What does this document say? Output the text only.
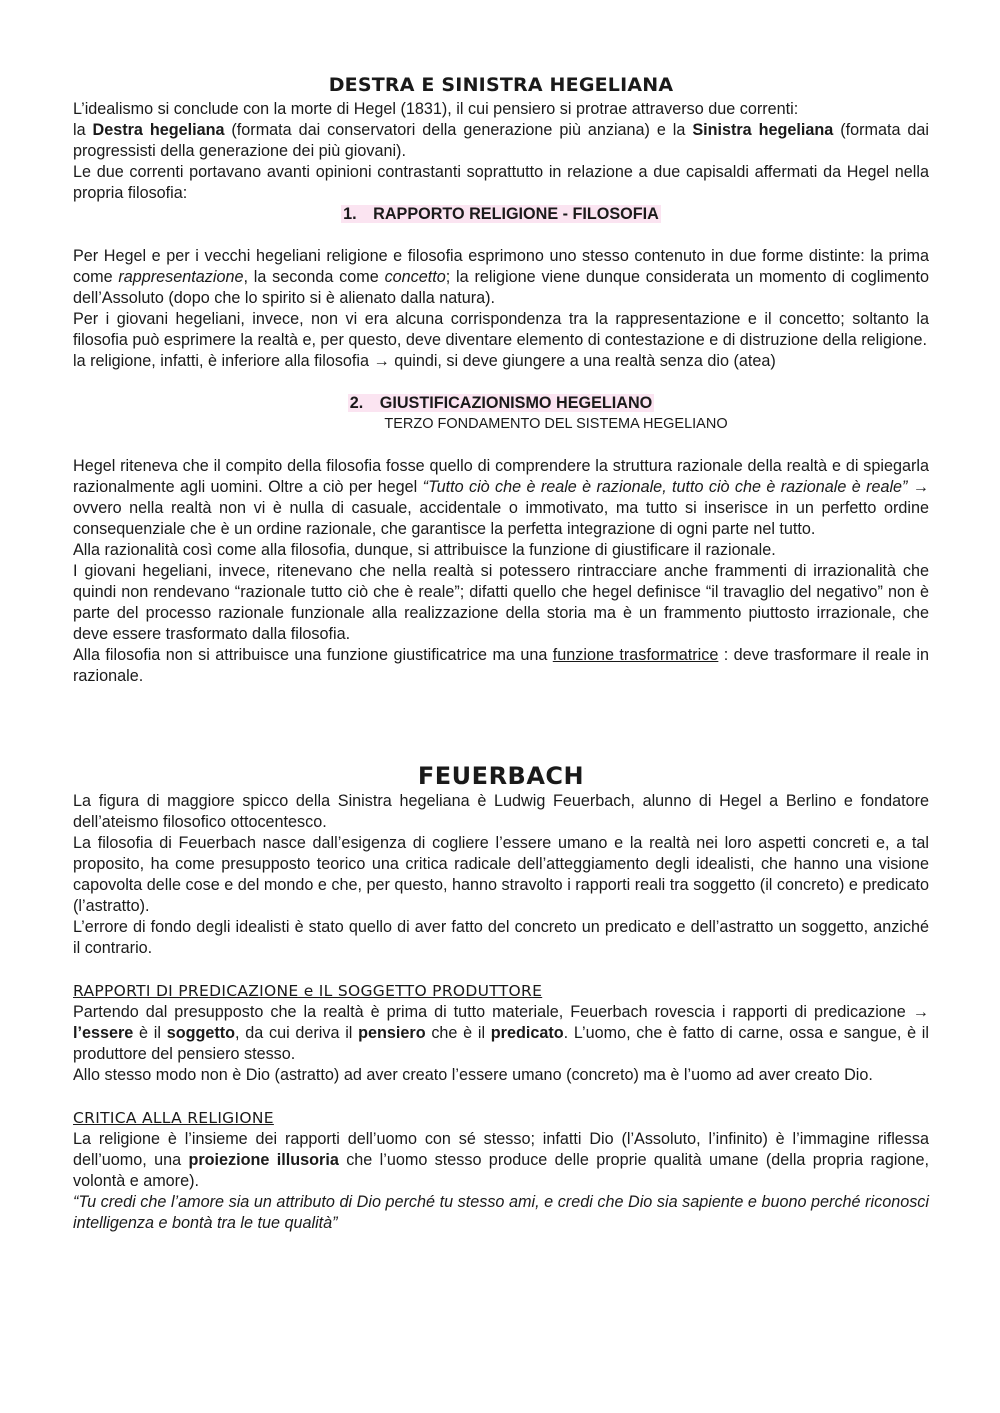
DESTRA E SINISTRA HEGELIANA

L’idealismo si conclude con la morte di Hegel (1831), il cui pensiero si protrae attraverso due correnti:

la Destra hegeliana (formata dai conservatori della generazione più anziana) e la Sinistra hegeliana (formata dai progressisti della generazione dei più giovani).

Le due correnti portavano avanti opinioni contrastanti soprattutto in relazione a due capisaldi affermati da Hegel nella propria filosofia:

1. RAPPORTO RELIGIONE - FILOSOFIA

Per Hegel e per i vecchi hegeliani religione e filosofia esprimono uno stesso contenuto in due forme distinte: la prima come rappresentazione, la seconda come concetto; la religione viene dunque considerata un momento di coglimento dell’Assoluto (dopo che lo spirito si è alienato dalla natura).

Per i giovani hegeliani, invece, non vi era alcuna corrispondenza tra la rappresentazione e il concetto; soltanto la filosofia può esprimere la realtà e, per questo, deve diventare elemento di contestazione e di distruzione della religione.

la religione, infatti, è inferiore alla filosofia → quindi, si deve giungere a una realtà senza dio (atea)

2. GIUSTIFICAZIONISMO HEGELIANO

TERZO FONDAMENTO DEL SISTEMA HEGELIANO

Hegel riteneva che il compito della filosofia fosse quello di comprendere la struttura razionale della realtà e di spiegarla razionalmente agli uomini. Oltre a ciò per hegel “Tutto ciò che è reale è razionale, tutto ciò che è razionale è reale” → ovvero nella realtà non vi è nulla di casuale, accidentale o immotivato, ma tutto si inserisce in un perfetto ordine consequenziale che è un ordine razionale, che garantisce la perfetta integrazione di ogni parte nel tutto.

Alla razionalità così come alla filosofia, dunque, si attribuisce la funzione di giustificare il razionale.

I giovani hegeliani, invece, ritenevano che nella realtà si potessero rintracciare anche frammenti di irrazionalità che quindi non rendevano “razionale tutto ciò che è reale”; difatti quello che hegel definisce “il travaglio del negativo” non è parte del processo razionale funzionale alla realizzazione della storia ma è un frammento piuttosto irrazionale, che deve essere trasformato dalla filosofia.

Alla filosofia non si attribuisce una funzione giustificatrice ma una funzione trasformatrice : deve trasformare il reale in razionale.

FEUERBACH

La figura di maggiore spicco della Sinistra hegeliana è Ludwig Feuerbach, alunno di Hegel a Berlino e fondatore dell’ateismo filosofico ottocentesco.

La filosofia di Feuerbach nasce dall’esigenza di cogliere l’essere umano e la realtà nei loro aspetti concreti e, a tal proposito, ha come presupposto teorico una critica radicale dell’atteggiamento degli idealisti, che hanno una visione capovolta delle cose e del mondo e che, per questo, hanno stravolto i rapporti reali tra soggetto (il concreto) e predicato (l’astratto).

L’errore di fondo degli idealisti è stato quello di aver fatto del concreto un predicato e dell’astratto un soggetto, anziché il contrario.

RAPPORTI DI PREDICAZIONE e IL SOGGETTO PRODUTTORE

Partendo dal presupposto che la realtà è prima di tutto materiale, Feuerbach rovescia i rapporti di predicazione → l’essere è il soggetto, da cui deriva il pensiero che è il predicato. L’uomo, che è fatto di carne, ossa e sangue, è il produttore del pensiero stesso.

Allo stesso modo non è Dio (astratto) ad aver creato l’essere umano (concreto) ma è l’uomo ad aver creato Dio.

CRITICA ALLA RELIGIONE

La religione è l’insieme dei rapporti dell’uomo con sé stesso; infatti Dio (l’Assoluto, l’infinito) è l’immagine riflessa dell’uomo, una proiezione illusoria che l’uomo stesso produce delle proprie qualità umane (della propria ragione, volontà e amore).

“Tu credi che l’amore sia un attributo di Dio perché tu stesso ami, e credi che Dio sia sapiente e buono perché riconosci intelligenza e bontà tra le tue qualità”
